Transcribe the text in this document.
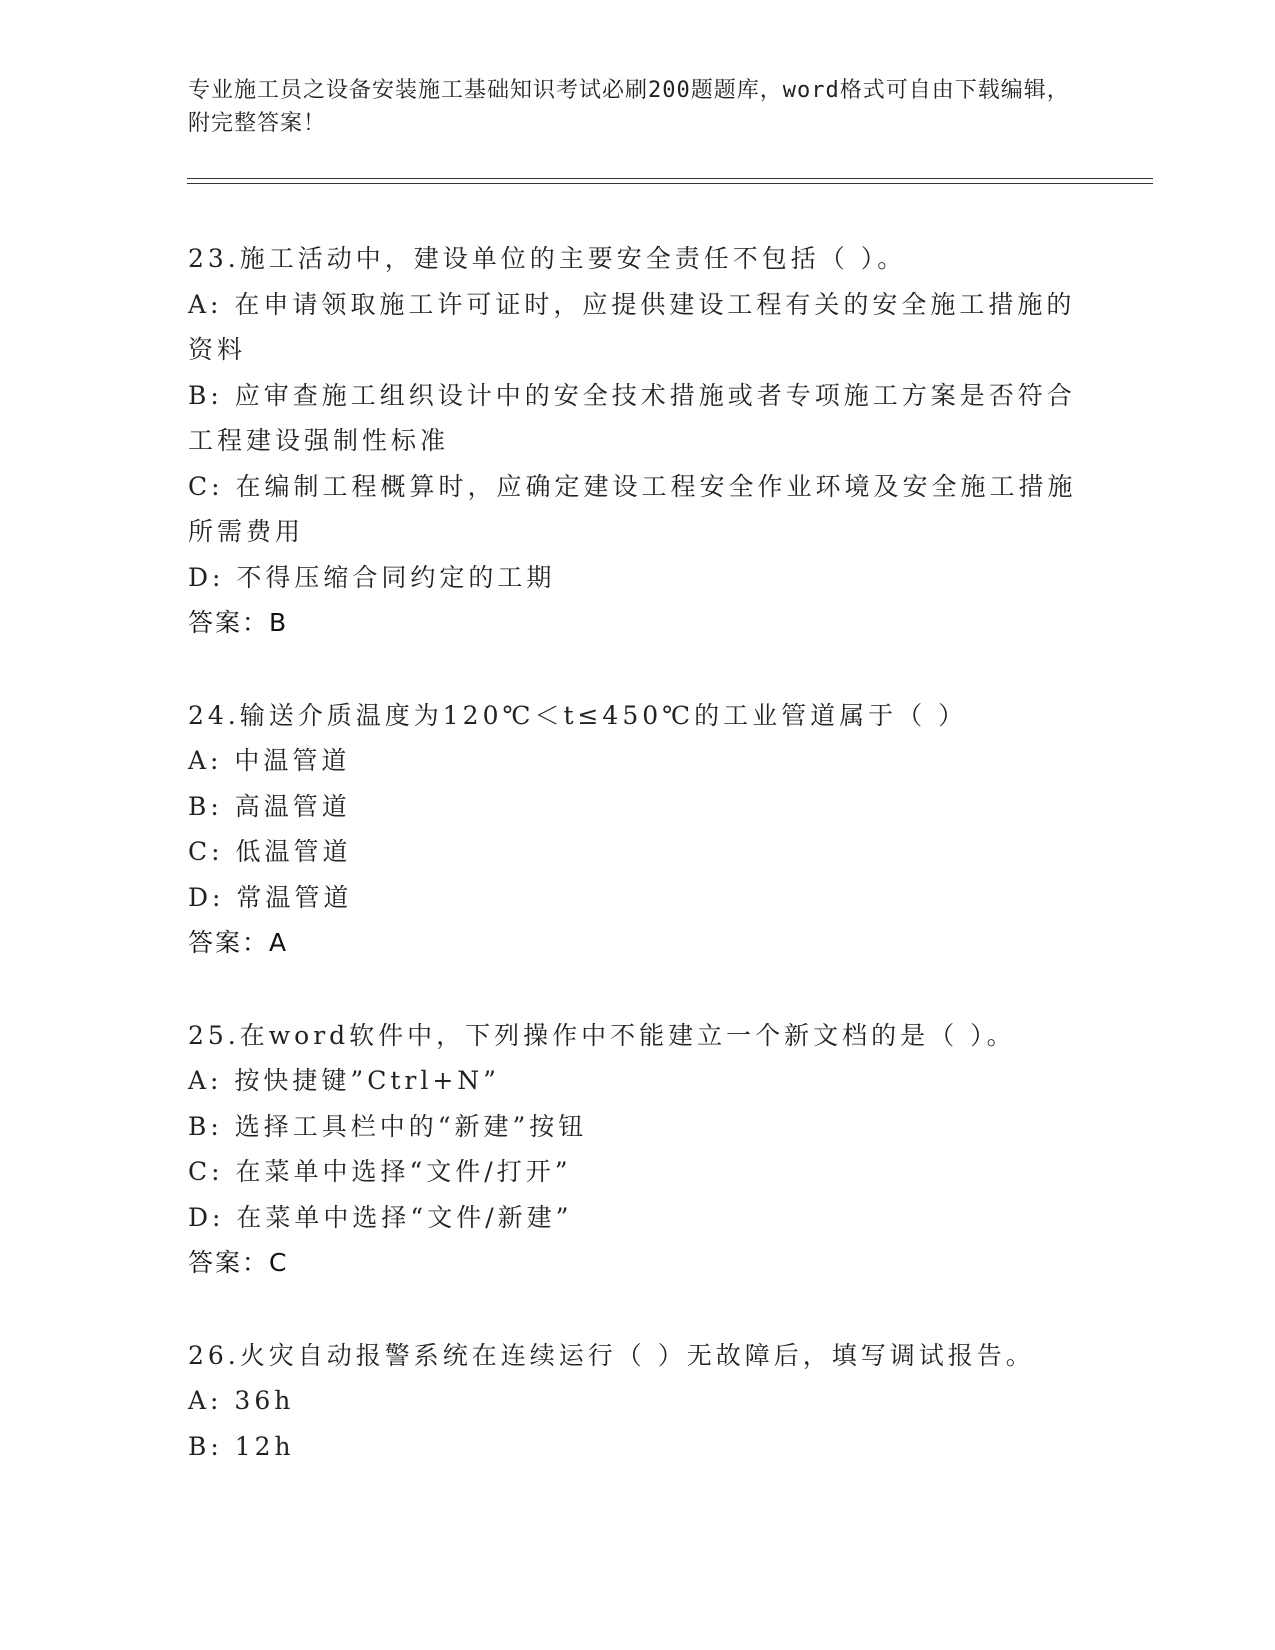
专业施工员之设备安装施工基础知识考试必刷200题题库，word格式可自由下载编辑，附完整答案！
23.施工活动中，建设单位的主要安全责任不包括（ ）。
A: 在申请领取施工许可证时，应提供建设工程有关的安全施工措施的资料
B: 应审查施工组织设计中的安全技术措施或者专项施工方案是否符合工程建设强制性标准
C: 在编制工程概算时，应确定建设工程安全作业环境及安全施工措施所需费用
D: 不得压缩合同约定的工期
答案：B
24.输送介质温度为120℃＜t≤450℃的工业管道属于（ ）
A: 中温管道
B: 高温管道
C: 低温管道
D: 常温管道
答案：A
25.在word软件中，下列操作中不能建立一个新文档的是（ ）。
A: 按快捷键”Ctrl+N”
B: 选择工具栏中的“新建”按钮
C: 在菜单中选择“文件/打开”
D: 在菜单中选择“文件/新建”
答案：C
26.火灾自动报警系统在连续运行（ ）无故障后，填写调试报告。
A: 36h
B: 12h
